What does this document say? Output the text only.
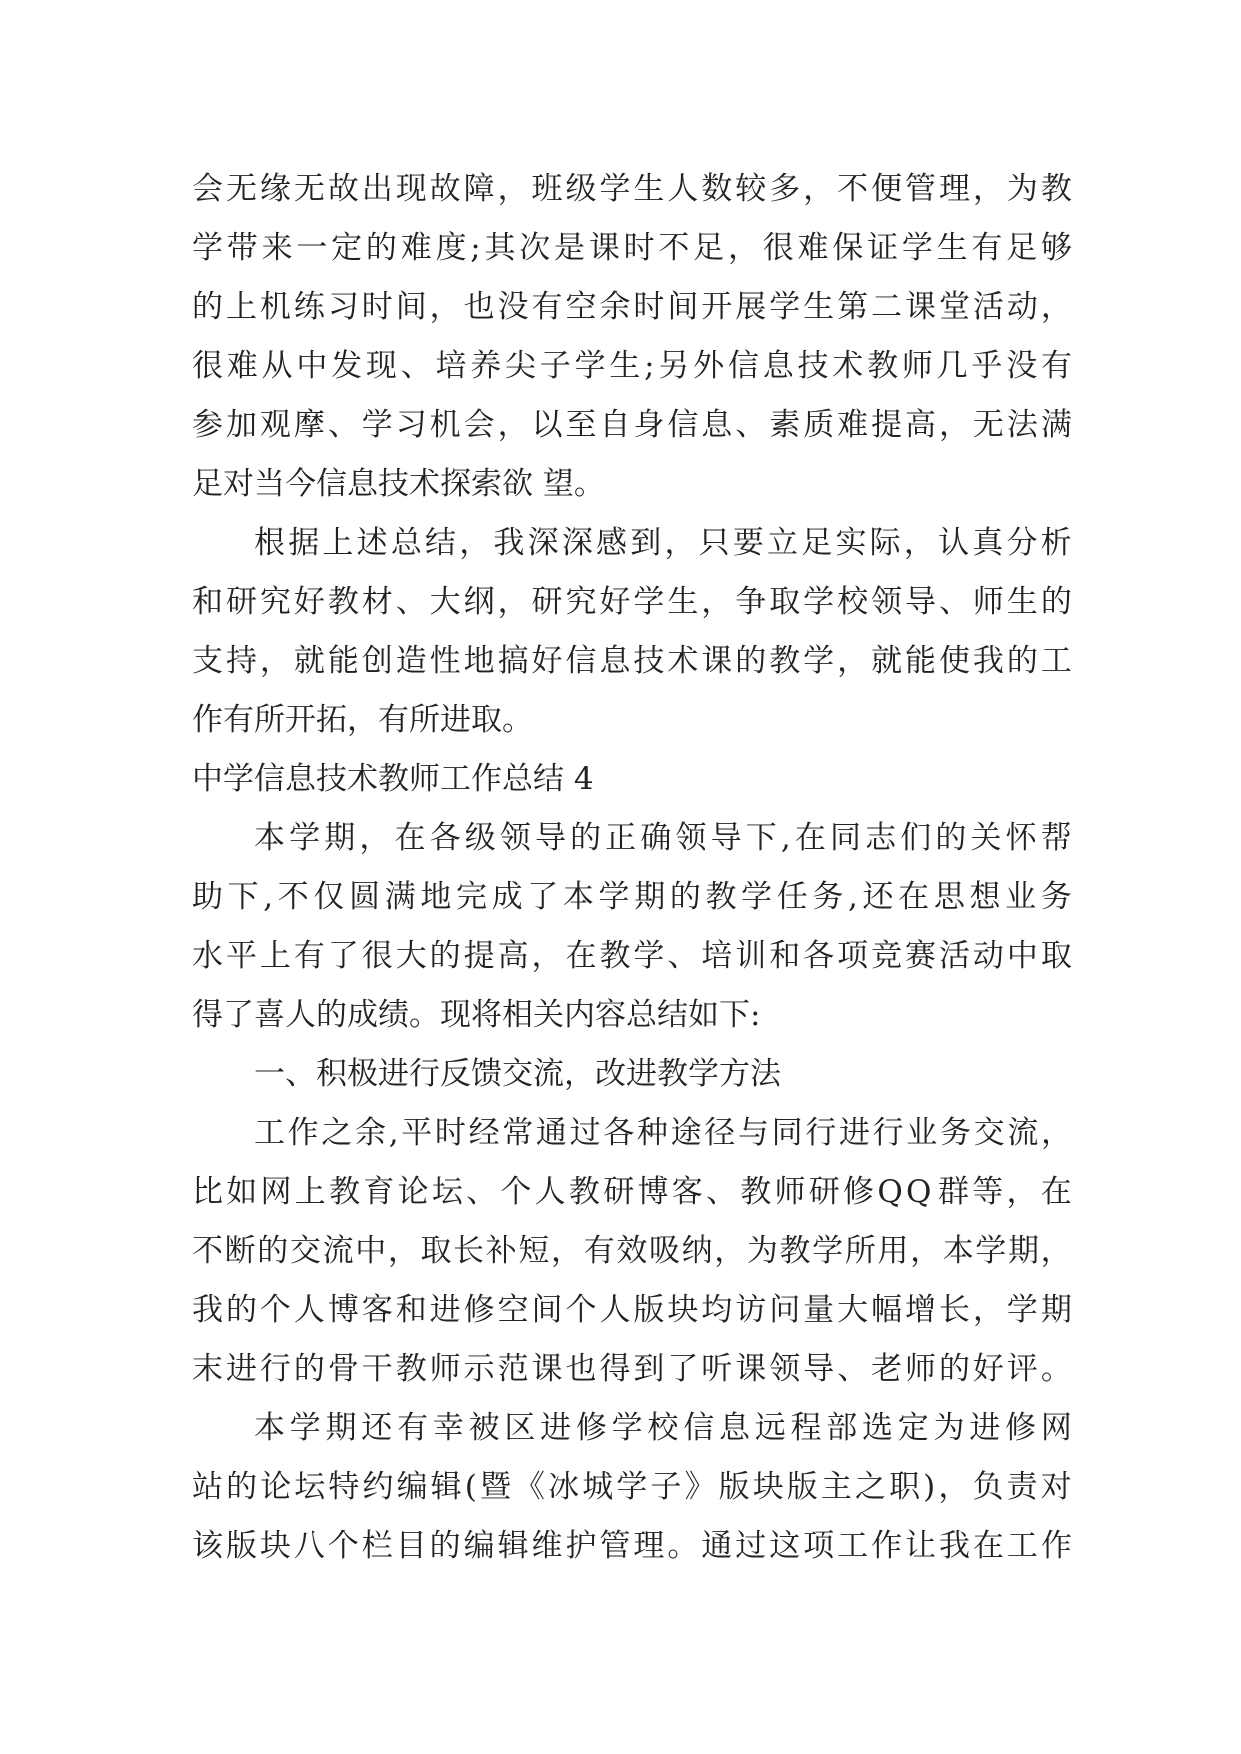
会 无 缘 无 故 出 现 故 障 ， 班 级 学 生 人 数 较 多 ， 不 便 管 理 ， 为 教
学 带 来 一 定 的 难 度 ; 其 次 是 课 时 不 足 ， 很 难 保 证 学 生 有 足 够
的 上 机 练 习 时 间 ， 也 没 有 空 余 时 间 开 展 学 生 第 二 课 堂 活 动 ，
很 难 从 中 发 现 、 培 养 尖 子 学 生 ; 另 外 信 息 技 术 教 师 几 乎 没 有
参 加 观 摩 、 学 习 机 会 ， 以 至 自 身 信 息 、 素 质 难 提 高 ， 无 法 满
足对当今信息技术探索欲 望。
根 据 上 述 总 结 ， 我 深 深 感 到 ， 只 要 立 足 实 际 ， 认 真 分 析
和 研 究 好 教 材 、 大 纲 ， 研 究 好 学 生 ， 争 取 学 校 领 导 、 师 生 的
支 持 ， 就 能 创 造 性 地 搞 好 信 息 技 术 课 的 教 学 ， 就 能 使 我 的 工
作有所开拓，有所进取。
中学信息技术教师工作总结 4
本 学 期 ， 在 各 级 领 导 的 正 确 领 导 下 , 在 同 志 们 的 关 怀 帮
助 下 , 不 仅 圆 满 地 完 成 了 本 学 期 的 教 学 任 务 , 还 在 思 想 业 务
水 平 上 有 了 很 大 的 提 高 ， 在 教 学 、 培 训 和 各 项 竞 赛 活 动 中 取
得了喜人的成绩。现将相关内容总结如下:
一、积极进行反馈交流，改进教学方法
工 作 之 余 , 平 时 经 常 通 过 各 种 途 径 与 同 行 进 行 业 务 交 流 ，
比 如 网 上 教 育 论 坛 、 个 人 教 研 博 客 、 教 师 研 修 Q Q 群 等 ， 在
不 断 的 交 流 中 ， 取 长 补 短 ， 有 效 吸 纳 ， 为 教 学 所 用 ， 本 学 期 ，
我 的 个 人 博 客 和 进 修 空 间 个 人 版 块 均 访 问 量 大 幅 增 长 ， 学 期
末 进 行 的 骨 干 教 师 示 范 课 也 得 到 了 听 课 领 导 、 老 师 的 好 评 。
本 学 期 还 有 幸 被 区 进 修 学 校 信 息 远 程 部 选 定 为 进 修 网
站 的 论 坛 特 约 编 辑 ( 暨 《 冰 城 学 子 》 版 块 版 主 之 职 ) ， 负 责 对
该 版 块 八 个 栏 目 的 编 辑 维 护 管 理 。 通 过 这 项 工 作 让 我 在 工 作
